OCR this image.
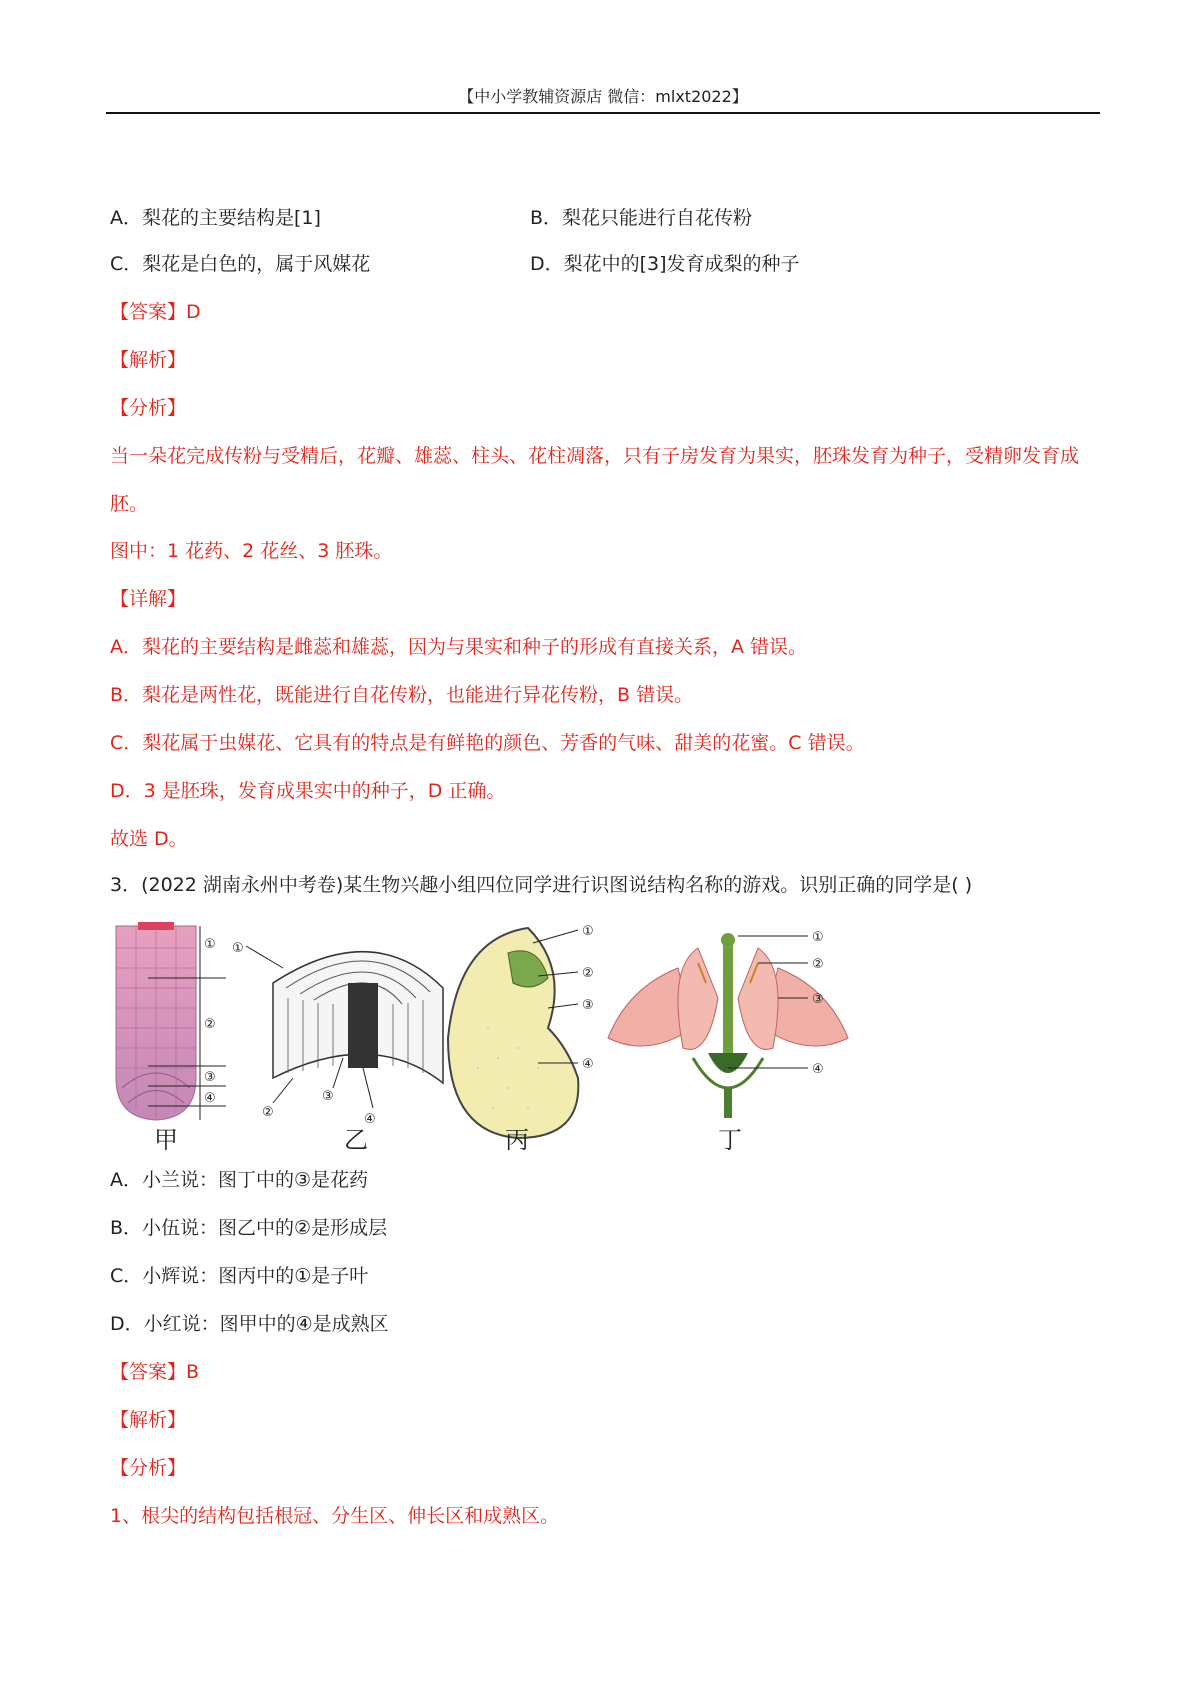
【中小学教辅资源店 微信：mlxt2022】
A．梨花的主要结构是[1]	B．梨花只能进行自花传粉
C．梨花是白色的，属于风媒花	D．梨花中的[3]发育成梨的种子
【答案】D
【解析】
【分析】
当一朵花完成传粉与受精后，花瓣、雄蕊、柱头、花柱凋落，只有子房发育为果实，胚珠发育为种子，受精卵发育成胚。
图中：1 花药、2 花丝、3 胚珠。
【详解】
A．梨花的主要结构是雌蕊和雄蕊，因为与果实和种子的形成有直接关系，A 错误。
B．梨花是两性花，既能进行自花传粉，也能进行异花传粉，B 错误。
C．梨花属于虫媒花、它具有的特点是有鲜艳的颜色、芳香的气味、甜美的花蜜。C 错误。
D．3 是胚珠，发育成果实中的种子，D 正确。
故选 D。
3．(2022 湖南永州中考卷)某生物兴趣小组四位同学进行识图说结构名称的游戏。识别正确的同学是( )
①
②
③
④
①
②
③
④
①
②
③
④
①
②
③
④
甲	乙	丙	丁
A．小兰说：图丁中的③是花药
B．小伍说：图乙中的②是形成层
C．小辉说：图丙中的①是子叶
D．小红说：图甲中的④是成熟区
【答案】B
【解析】
【分析】
1、根尖的结构包括根冠、分生区、伸长区和成熟区。
